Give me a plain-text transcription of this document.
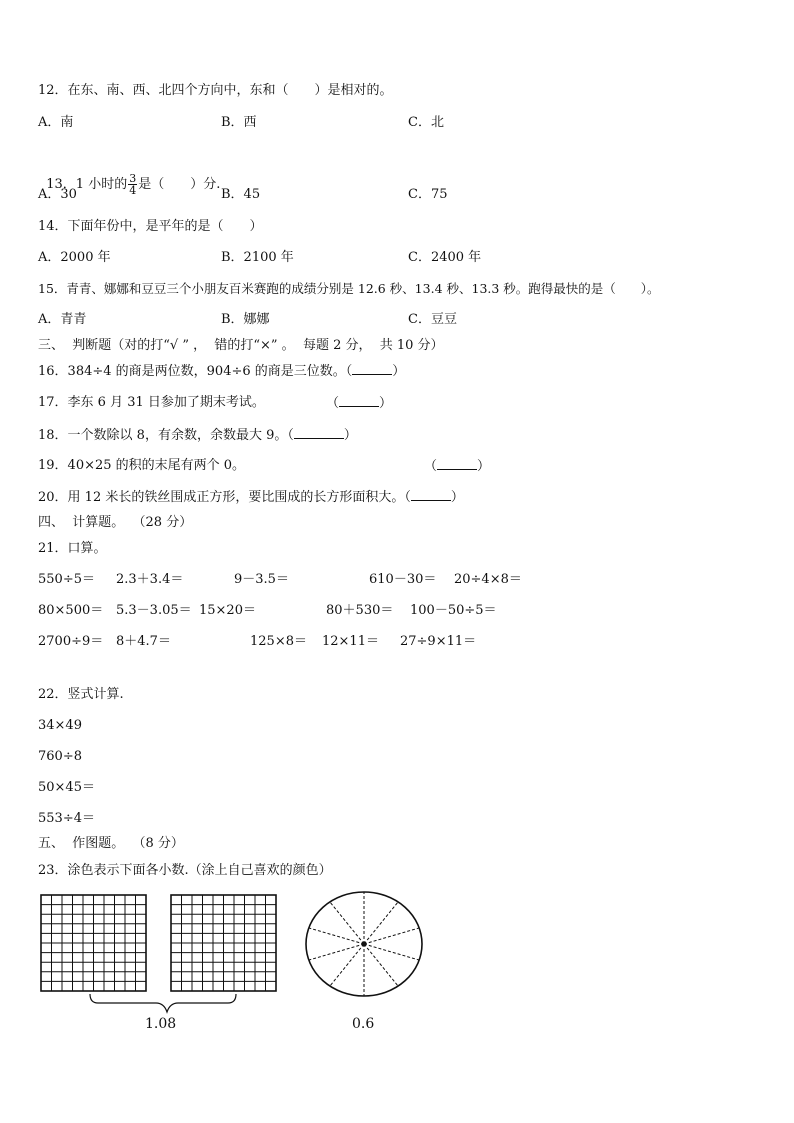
12．在东、南、西、北四个方向中，东和（　　）是相对的。
A．南	B．西	C．北

13．1 小时的 $\frac{3}{4}$ 是（　　）分.

A．30	B．45	C．75
14．下面年份中，是平年的是（　　）
A．2000 年	B．2100 年	C．2400 年
15．青青、娜娜和豆豆三个小朋友百米赛跑的成绩分别是 12.6 秒、13.4 秒、13.3 秒。跑得最快的是（　　）。
A．青青	B．娜娜	C．豆豆
三、  判断题（对的打“√ ” ，  错的打“×” 。  每题 2 分，  共 10 分）
16．384÷4 的商是两位数，904÷6 的商是三位数。（	）
17．李东 6 月 31 日参加了期末考试。	（	）
18．一个数除以 8，有余数，余数最大 9。（	）
19．40×25 的积的末尾有两个 0。	（	）
20．用 12 米长的铁丝围成正方形，要比围成的长方形面积大。（	）
四、  计算题。  （28 分）
21．口算。
550÷5＝ 2.3＋3.4＝	9－3.5＝	610－30＝ 20÷4×8＝
80×500＝ 5.3－3.05＝ 15×20＝	80＋530＝ 100－50÷5＝
2700÷9＝ 8＋4.7＝	125×8＝ 12×11＝ 27÷9×11＝
22．竖式计算.
34×49
760÷8
50×45＝
553÷4＝
五、  作图题。  （8 分）
23．涂色表示下面各小数.（涂上自己喜欢的颜色）
1.08	0.6
